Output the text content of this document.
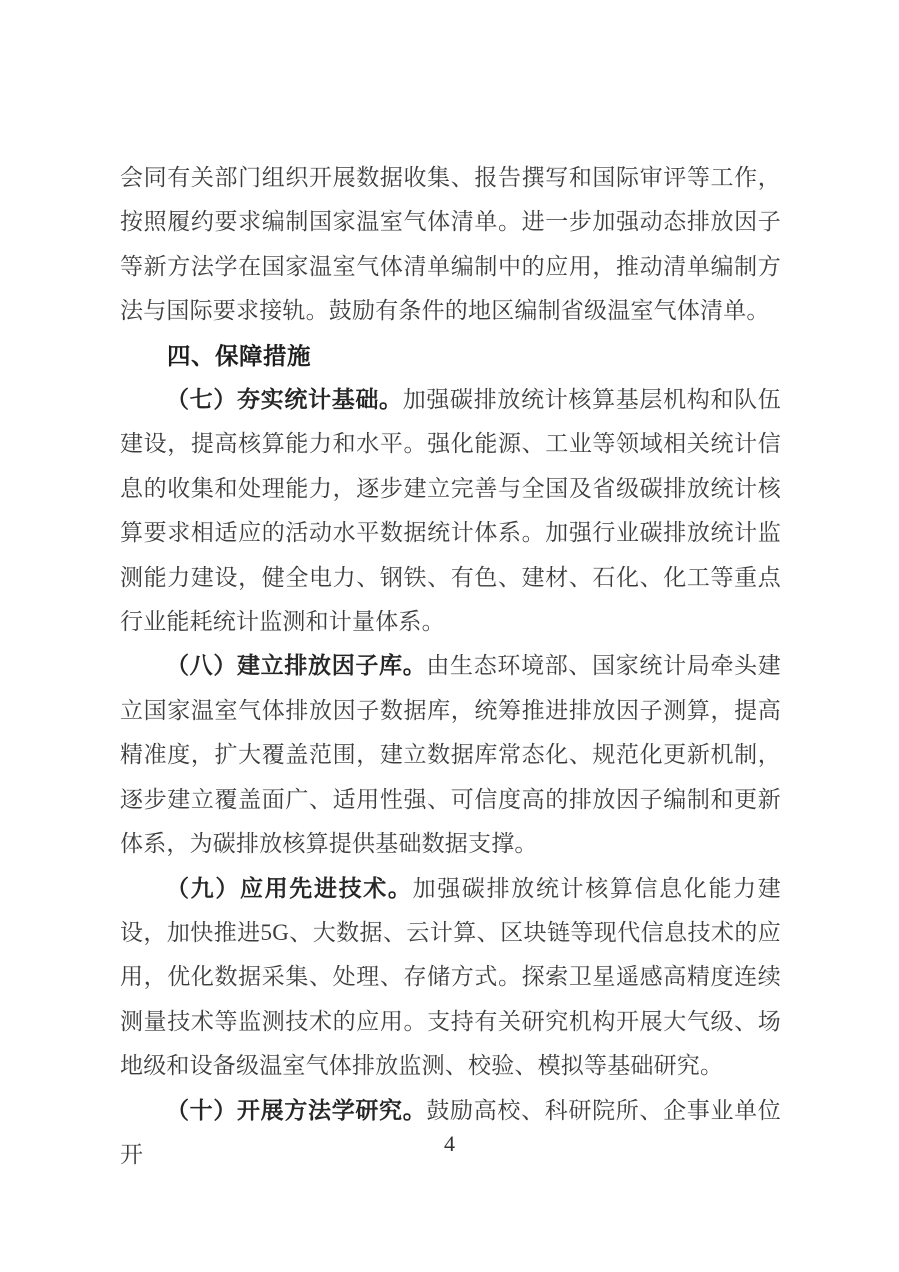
会同有关部门组织开展数据收集、报告撰写和国际审评等工作，按照履约要求编制国家温室气体清单。进一步加强动态排放因子等新方法学在国家温室气体清单编制中的应用，推动清单编制方法与国际要求接轨。鼓励有条件的地区编制省级温室气体清单。

四、保障措施

（七）夯实统计基础。加强碳排放统计核算基层机构和队伍建设，提高核算能力和水平。强化能源、工业等领域相关统计信息的收集和处理能力，逐步建立完善与全国及省级碳排放统计核算要求相适应的活动水平数据统计体系。加强行业碳排放统计监测能力建设，健全电力、钢铁、有色、建材、石化、化工等重点行业能耗统计监测和计量体系。

（八）建立排放因子库。由生态环境部、国家统计局牵头建立国家温室气体排放因子数据库，统筹推进排放因子测算，提高精准度，扩大覆盖范围，建立数据库常态化、规范化更新机制，逐步建立覆盖面广、适用性强、可信度高的排放因子编制和更新体系，为碳排放核算提供基础数据支撑。

（九）应用先进技术。加强碳排放统计核算信息化能力建设，加快推进5G、大数据、云计算、区块链等现代信息技术的应用，优化数据采集、处理、存储方式。探索卫星遥感高精度连续测量技术等监测技术的应用。支持有关研究机构开展大气级、场地级和设备级温室气体排放监测、校验、模拟等基础研究。

（十）开展方法学研究。鼓励高校、科研院所、企事业单位开	4
